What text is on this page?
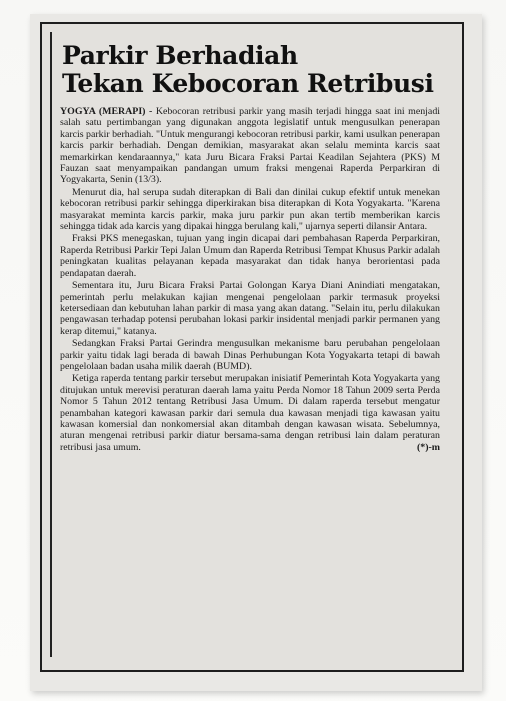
Parkir Berhadiah
Tekan Kebocoran Retribusi

YOGYA (MERAPI) - Kebocoran retribusi parkir yang masih terjadi hingga saat ini menjadi salah satu pertimbangan yang digunakan anggota legislatif untuk mengusulkan penerapan karcis parkir berhadiah. "Untuk mengurangi kebocoran retribusi parkir, kami usulkan penerapan karcis parkir berhadiah. Dengan demikian, masyarakat akan selalu meminta karcis saat memarkirkan kendaraannya," kata Juru Bicara Fraksi Partai Keadilan Sejahtera (PKS) M Fauzan saat menyampaikan pandangan umum fraksi mengenai Raperda Perparkiran di Yogyakarta, Senin (13/3).

Menurut dia, hal serupa sudah diterapkan di Bali dan dinilai cukup efektif untuk menekan kebocoran retribusi parkir sehingga diperkirakan bisa diterapkan di Kota Yogyakarta. "Karena masyarakat meminta karcis parkir, maka juru parkir pun akan tertib memberikan karcis sehingga tidak ada karcis yang dipakai hingga berulang kali," ujarnya seperti dilansir Antara.

Fraksi PKS menegaskan, tujuan yang ingin dicapai dari pembahasan Raperda Perparkiran, Raperda Retribusi Parkir Tepi Jalan Umum dan Raperda Retribusi Tempat Khusus Parkir adalah peningkatan kualitas pelayanan kepada masyarakat dan tidak hanya berorientasi pada pendapatan daerah.

Sementara itu, Juru Bicara Fraksi Partai Golongan Karya Diani Anindiati mengatakan, pemerintah perlu melakukan kajian mengenai pengelolaan parkir termasuk proyeksi ketersediaan dan kebutuhan lahan parkir di masa yang akan datang. "Selain itu, perlu dilakukan pengawasan terhadap potensi perubahan lokasi parkir insidental menjadi parkir permanen yang kerap ditemui," katanya.

Sedangkan Fraksi Partai Gerindra mengusulkan mekanisme baru perubahan pengelolaan parkir yaitu tidak lagi berada di bawah Dinas Perhubungan Kota Yogyakarta tetapi di bawah pengelolaan badan usaha milik daerah (BUMD).

Ketiga raperda tentang parkir tersebut merupakan inisiatif Pemerintah Kota Yogyakarta yang ditujukan untuk merevisi peraturan daerah lama yaitu Perda Nomor 18 Tahun 2009 serta Perda Nomor 5 Tahun 2012 tentang Retribusi Jasa Umum. Di dalam raperda tersebut mengatur penambahan kategori kawasan parkir dari semula dua kawasan menjadi tiga kawasan yaitu kawasan komersial dan nonkomersial akan ditambah dengan kawasan wisata. Sebelumnya, aturan mengenai retribusi parkir diatur bersama-sama dengan retribusi lain dalam peraturan retribusi jasa umum.	(*)-m
